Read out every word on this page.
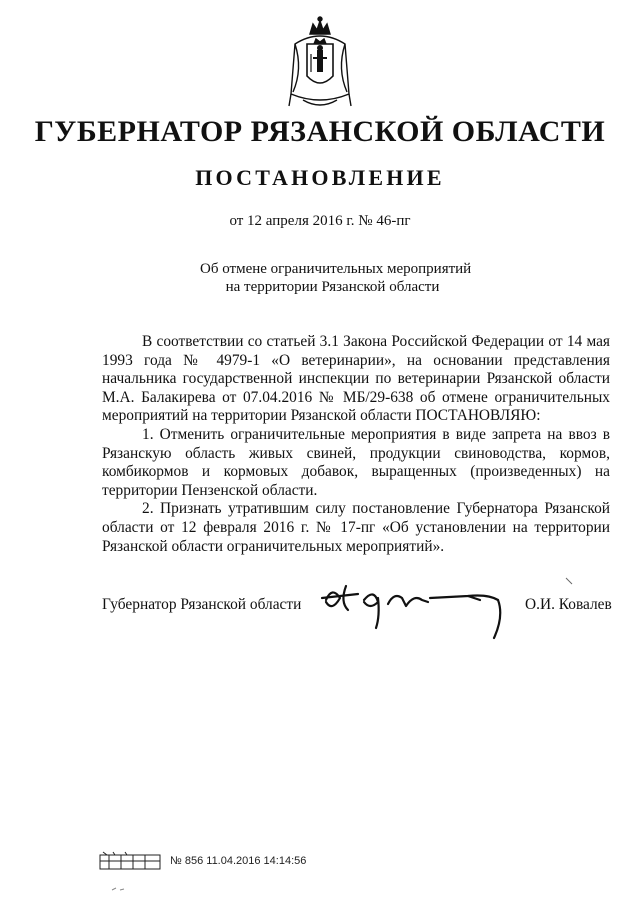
ГУБЕРНАТОР РЯЗАНСКОЙ ОБЛАСТИ
ПОСТАНОВЛЕНИЕ
от 12 апреля 2016 г. № 46-пг
Об отмене ограничительных мероприятий
на территории Рязанской области

В соответствии со статьей 3.1 Закона Российской Федерации от 14 мая 1993 года № 4979-1 «О ветеринарии», на основании представления начальника государственной инспекции по ветеринарии Рязанской области М.А. Балакирева от 07.04.2016 № МБ/29-638 об отмене ограничительных мероприятий на территории Рязанской области ПОСТАНОВЛЯЮ:

1. Отменить ограничительные мероприятия в виде запрета на ввоз в Рязанскую область живых свиней, продукции свиноводства, кормов, комбикормов и кормовых добавок, выращенных (произведенных) на территории Пензенской области.

2. Признать утратившим силу постановление Губернатора Рязанской области от 12 февраля 2016 г. № 17-пг «Об установлении на территории Рязанской области ограничительных мероприятий».

Губернатор Рязанской области	О.И. Ковалев
№ 856 11.04.2016 14:14:56
